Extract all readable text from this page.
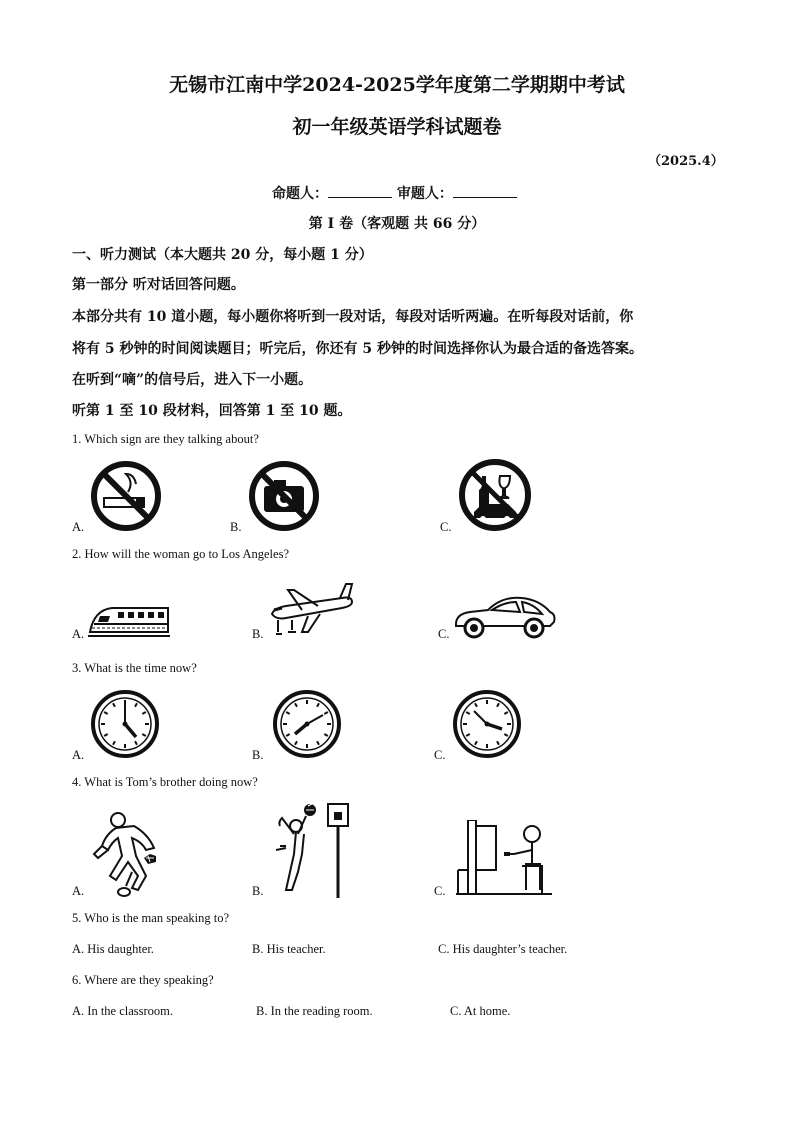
无锡市江南中学2024-2025学年度第二学期期中考试
初一年级英语学科试题卷
（2025.4）
命题人：	审题人：
第 I 卷（客观题 共 66 分）
一、听力测试（本大题共 20 分，每小题 1 分）
第一部分 听对话回答问题。
本部分共有 10 道小题，每小题你将听到一段对话，每段对话听两遍。在听每段对话前，你
将有 5 秒钟的时间阅读题目；听完后，你还有 5 秒钟的时间选择你认为最合适的备选答案。
在听到“嘀”的信号后，进入下一小题。
听第 1 至 10 段材料，回答第 1 至 10 题。
1. Which sign are they talking about?
A.	B.	C.
2. How will the woman go to Los Angeles?
A.	B.	C.
3. What is the time now?
A.	B.	C.
4. What is Tom’s brother doing now?
A.	B.	C.
5. Who is the man speaking to?
A. His daughter.	B. His teacher.	C. His daughter’s teacher.
6. Where are they speaking?
A. In the classroom.	B. In the reading room.	C. At home.
